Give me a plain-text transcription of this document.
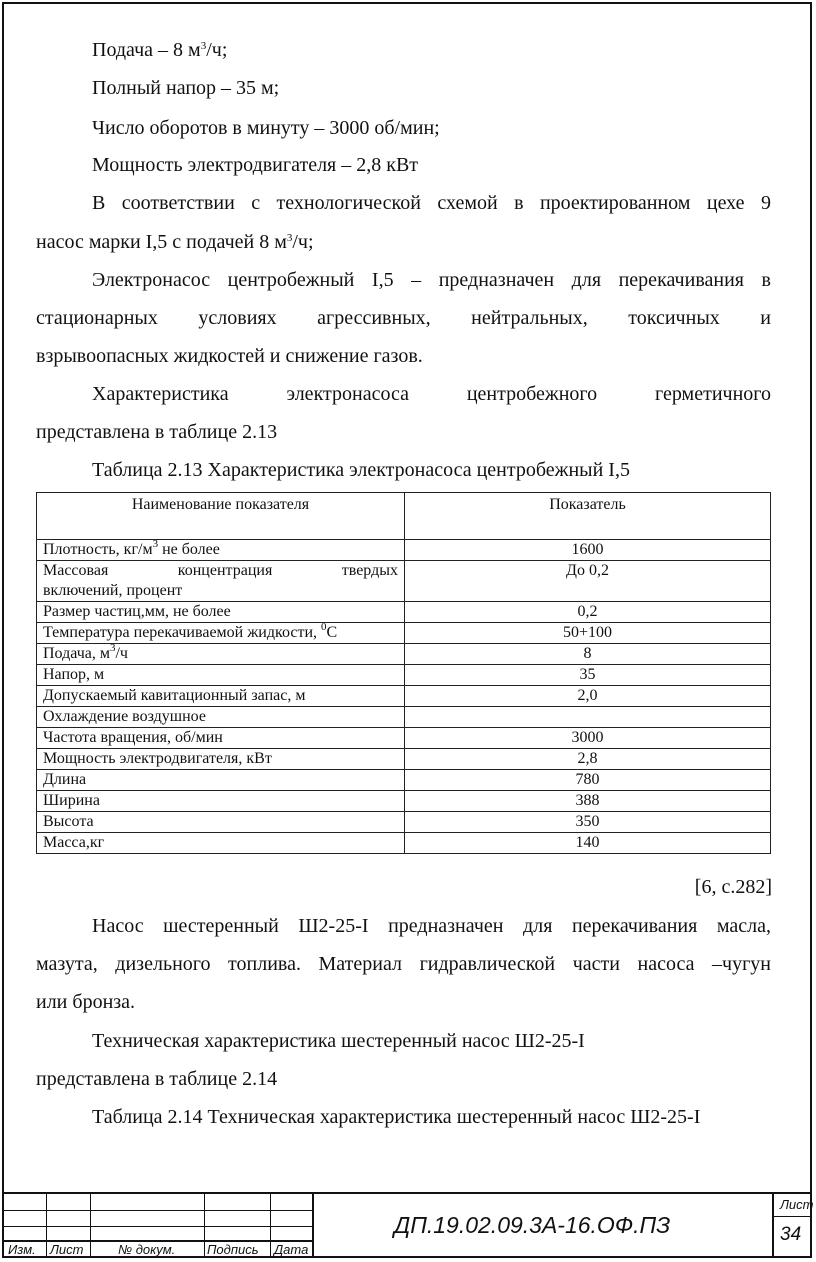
Подача – 8 $м^3/ч$;
Полный напор – 35 м;
Число оборотов в минуту – 3000 об/мин;
Мощность электродвигателя – 2,8 кВт
В соответствии с технологической схемой в проектированном цехе 9
насос марки I,5 с подачей 8 $м^3/ч$;
Электронасос центробежный I,5 – предназначен для перекачивания в
стационарных условиях агрессивных, нейтральных, токсичных и
взрывоопасных жидкостей и снижение газов.
Характеристика электронасоса центробежного герметичного
представлена в таблице 2.13
Таблица 2.13 Характеристика электронасоса центробежный I,5
Наименование показателя	Показатель
Плотность, $кг/м^3$ не более	1600

Массовая концентрация твердых
включений, процент	До 0,2
Размер частиц,мм, не более	0,2
Температура перекачиваемой жидкости, $^0$С	50+100
Подача, $м^3/ч$	8
Напор, м	35
Допускаемый кавитационный запас, м	2,0
Охлаждение воздушное	
Частота вращения, об/мин	3000
Мощность электродвигателя, кВт	2,8
Длина	780
Ширина	388
Высота	350
Масса,кг	140
[6, с.282]
Насос шестеренный Ш2-25-I предназначен для перекачивания масла,
мазута, дизельного топлива. Материал гидравлической части насоса –чугун
или бронза.
Техническая характеристика шестеренный насос Ш2-25-I
представлена в таблице 2.14
Таблица 2.14 Техническая характеристика шестеренный насос Ш2-25-I
Изм. Лист	№ докум. Подпись Дата
ДП.19.02.09.3А-16.ОФ.ПЗ
Лист
34
